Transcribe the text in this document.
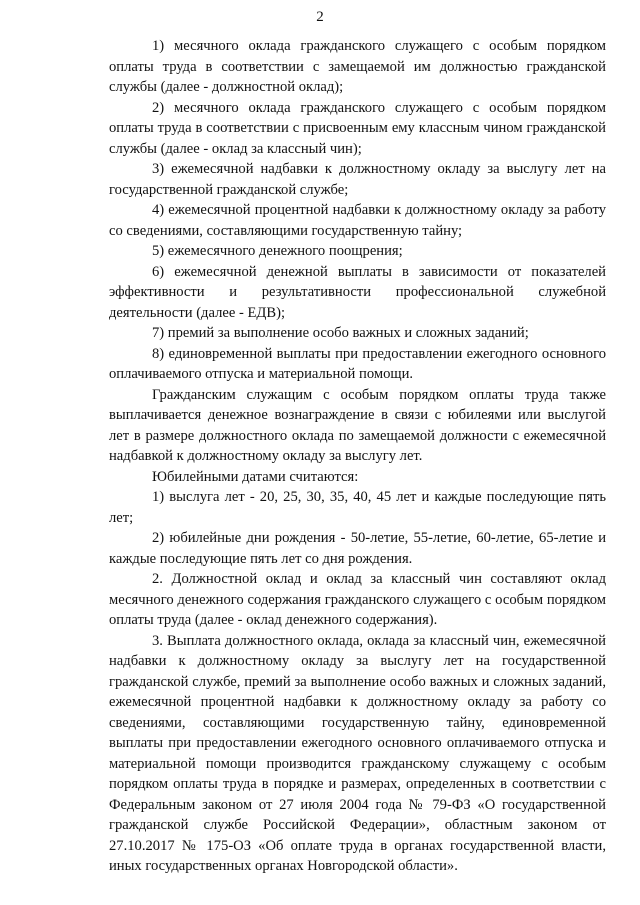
2

1) месячного оклада гражданского служащего с особым порядком оплаты труда в соответствии с замещаемой им должностью гражданской службы (далее - должностной оклад);

2) месячного оклада гражданского служащего с особым порядком оплаты труда в соответствии с присвоенным ему классным чином гражданской службы (далее - оклад за классный чин);

3) ежемесячной надбавки к должностному окладу за выслугу лет на государственной гражданской службе;

4) ежемесячной процентной надбавки к должностному окладу за работу со сведениями, составляющими государственную тайну;

5) ежемесячного денежного поощрения;

6) ежемесячной денежной выплаты в зависимости от показателей эффективности и результативности профессиональной служебной деятельности (далее - ЕДВ);

7) премий за выполнение особо важных и сложных заданий;

8) единовременной выплаты при предоставлении ежегодного основного оплачиваемого отпуска и материальной помощи.

Гражданским служащим с особым порядком оплаты труда также выплачивается денежное вознаграждение в связи с юбилеями или выслугой лет в размере должностного оклада по замещаемой должности с ежемесячной надбавкой к должностному окладу за выслугу лет.

Юбилейными датами считаются:

1) выслуга лет - 20, 25, 30, 35, 40, 45 лет и каждые последующие пять лет;

2) юбилейные дни рождения - 50-летие, 55-летие, 60-летие, 65-летие и каждые последующие пять лет со дня рождения.

2. Должностной оклад и оклад за классный чин составляют оклад месячного денежного содержания гражданского служащего с особым порядком оплаты труда (далее - оклад денежного содержания).

3. Выплата должностного оклада, оклада за классный чин, ежемесячной надбавки к должностному окладу за выслугу лет на государственной гражданской службе, премий за выполнение особо важных и сложных заданий, ежемесячной процентной надбавки к должностному окладу за работу со сведениями, составляющими государственную тайну, единовременной выплаты при предоставлении ежегодного основного оплачиваемого отпуска и материальной помощи производится гражданскому служащему с особым порядком оплаты труда в порядке и размерах, определенных в соответствии с Федеральным законом от 27 июля 2004 года № 79-ФЗ «О государственной гражданской службе Российской Федерации», областным законом от 27.10.2017 № 175-ОЗ «Об оплате труда в органах государственной власти, иных государственных органах Новгородской области».
